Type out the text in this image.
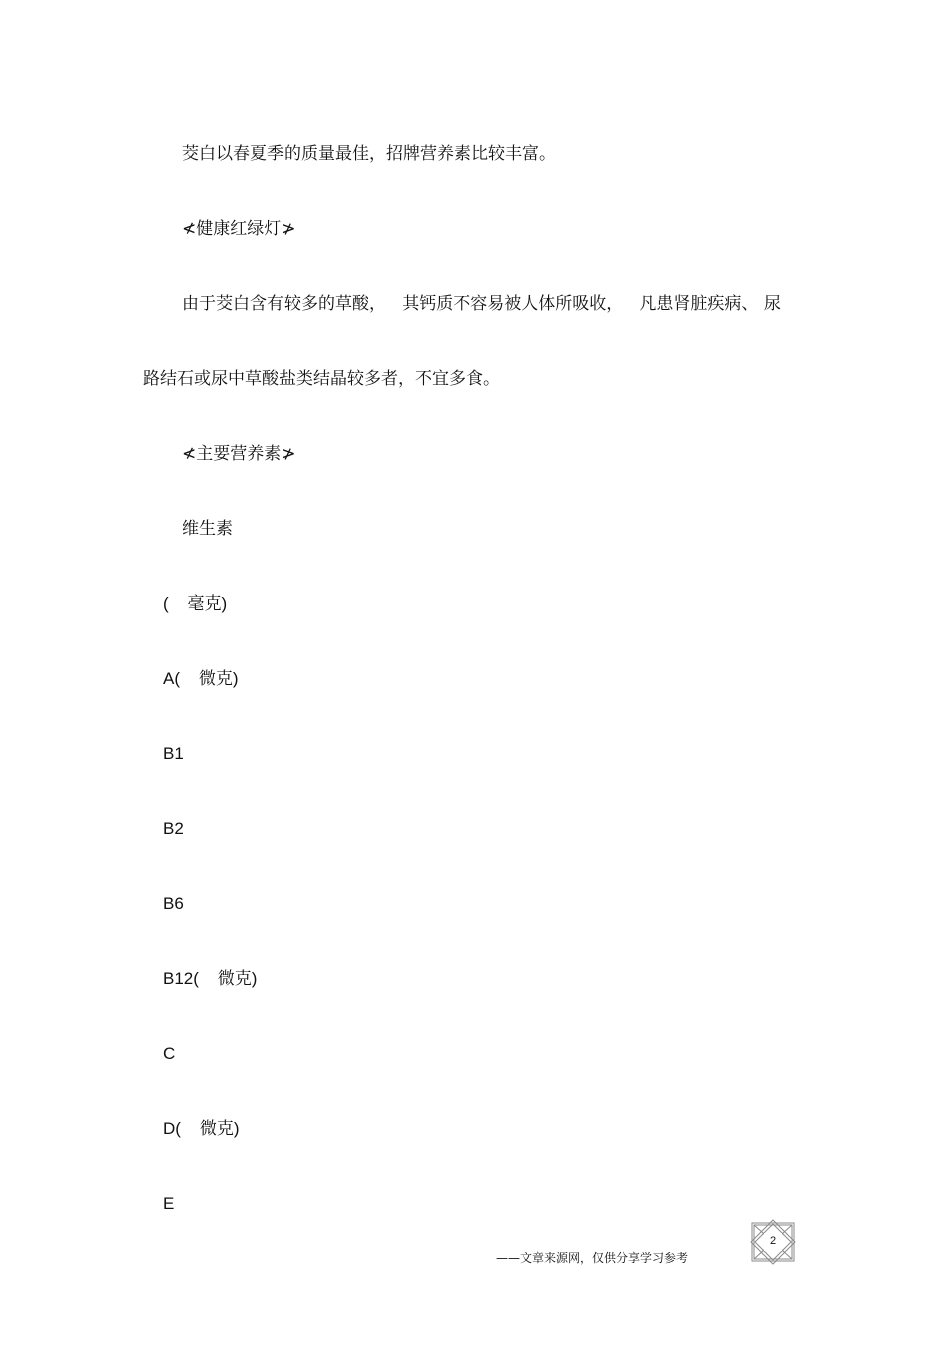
茭白以春夏季的质量最佳，招牌营养素比较丰富。

≮健康红绿灯≯

由于茭白含有较多的草酸，   其钙质不容易被人体所吸收，   凡患肾脏疾病、 尿

路结石或尿中草酸盐类结晶较多者，不宜多食。

≮主要营养素≯

维生素

(    毫克)

A(    微克)

B1

B2

B6

B12(    微克)

C

D(    微克)

E

——文章来源网，仅供分享学习参考
2
